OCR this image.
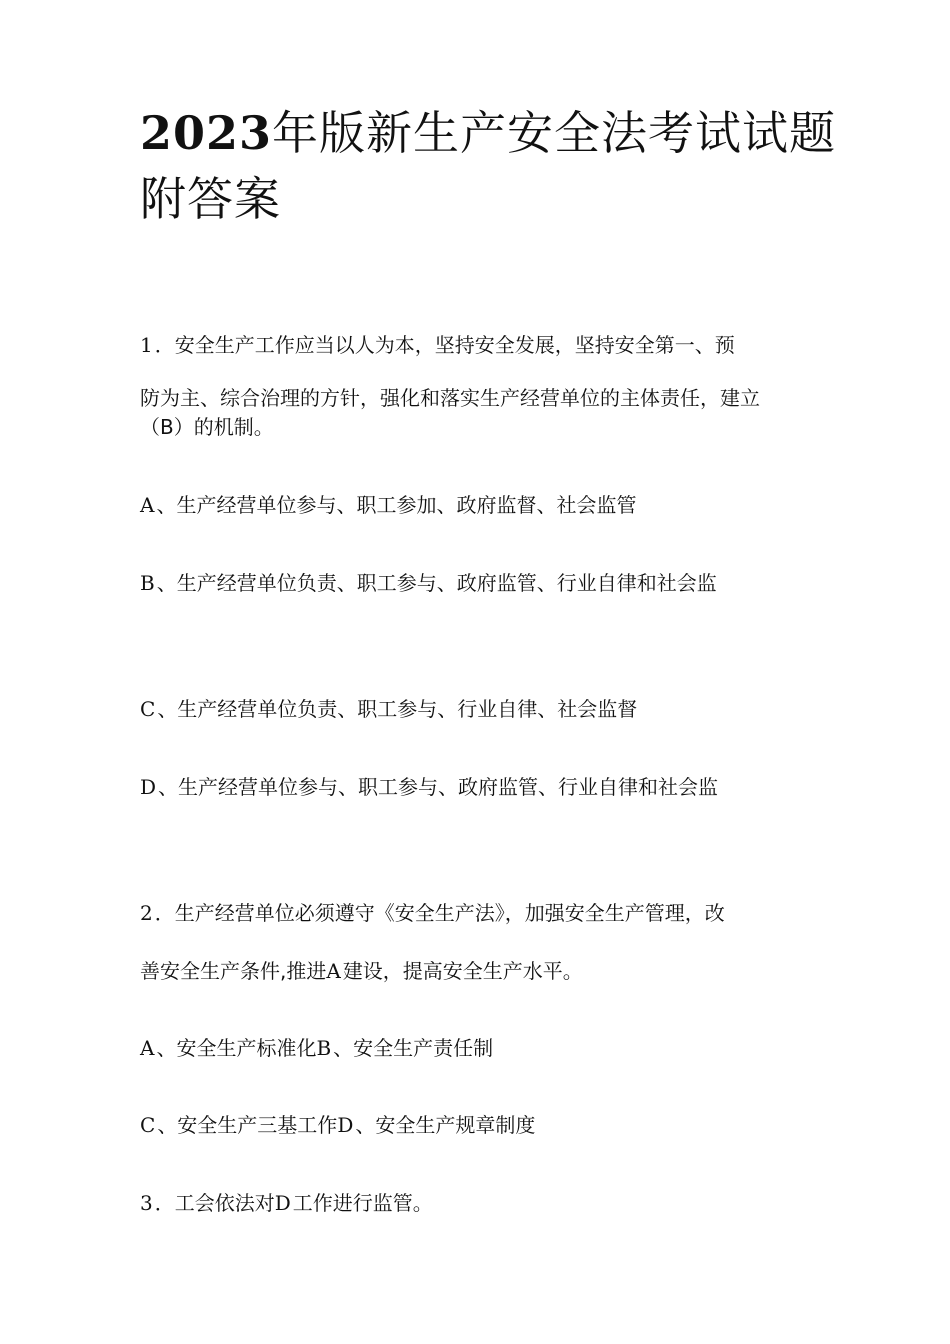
2023年版新生产安全法考试试题附答案

1 ．安全生产工作应当以人为本，坚持安全发展，坚持安全第一、预

防为主、综合治理的方针，强化和落实生产经营单位的主体责任，建立

（B）的机制。

A 、生产经营单位参与、职工参加、政府监督、社会监管

B 、生产经营单位负责、职工参与、政府监管、行业自律和社会监

C 、生产经营单位负责、职工参与、行业自律、社会监督

D 、生产经营单位参与、职工参与、政府监管、行业自律和社会监

2 ．生产经营单位必须遵守《安全生产法》，加强安全生产管理，改

善安全生产条件,推进A 建设，提高安全生产水平。

A 、安全生产标准化B 、安全生产责任制

C 、安全生产三基工作D 、安全生产规章制度

3 ．工会依法对D 工作进行监管。
